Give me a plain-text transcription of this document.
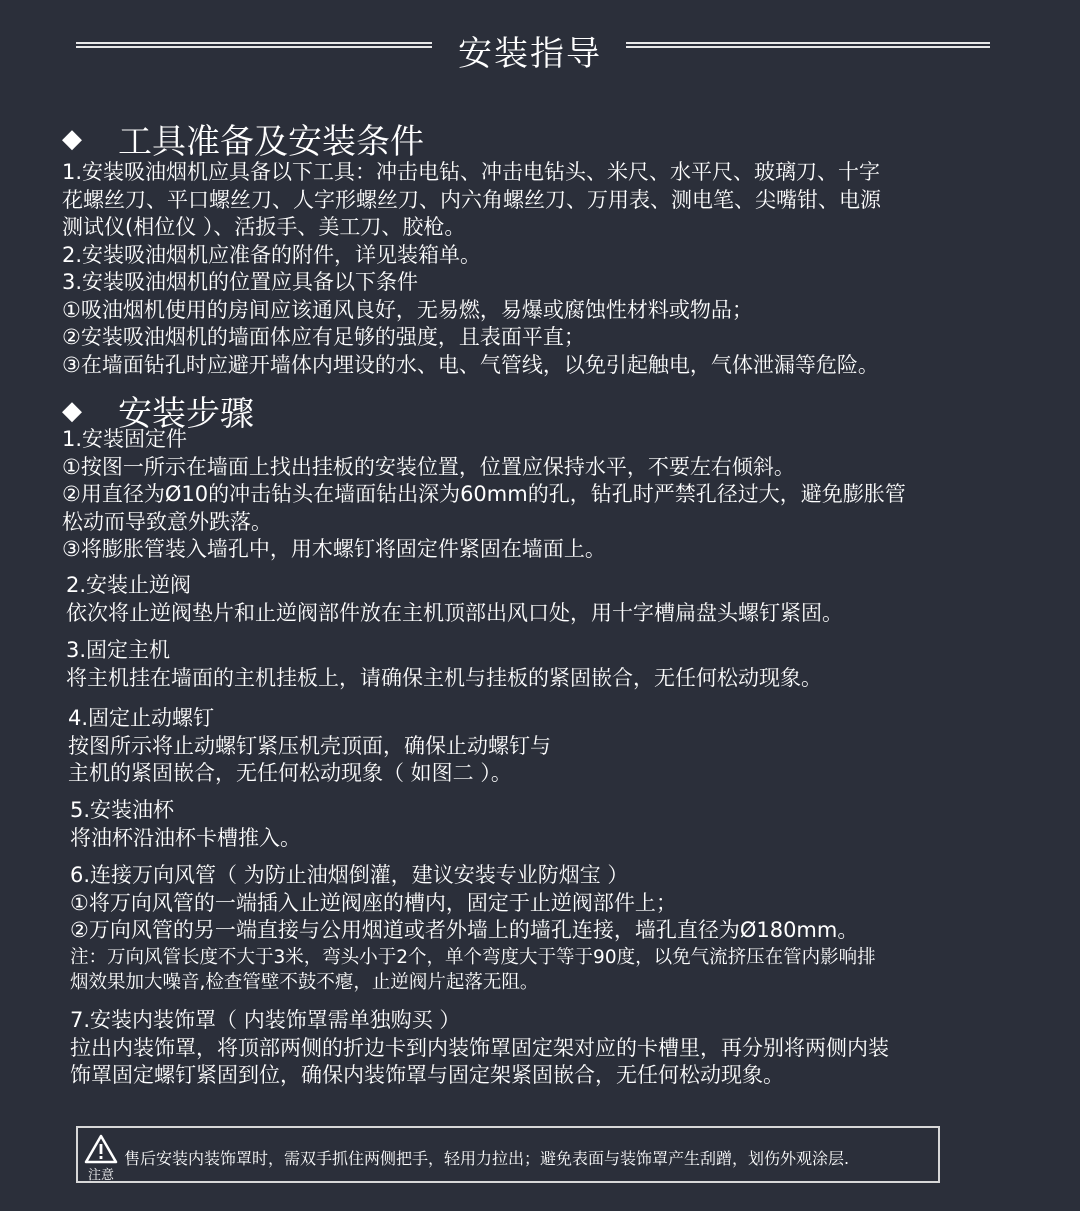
安装指导
◆	工具准备及安装条件
1.安装吸油烟机应具备以下工具：冲击电钻、冲击电钻头、米尺、水平尺、玻璃刀、十字
花螺丝刀、平口螺丝刀、人字形螺丝刀、内六角螺丝刀、万用表、测电笔、尖嘴钳、电源
测试仪(相位仪 ）、活扳手、美工刀、胶枪。
2.安装吸油烟机应准备的附件，详见装箱单。
3.安装吸油烟机的位置应具备以下条件
①吸油烟机使用的房间应该通风良好，无易燃，易爆或腐蚀性材料或物品；
②安装吸油烟机的墙面体应有足够的强度，且表面平直；
③在墙面钻孔时应避开墙体内埋设的水、电、气管线，以免引起触电，气体泄漏等危险。
◆	安装步骤
1.安装固定件
①按图一所示在墙面上找出挂板的安装位置，位置应保持水平，不要左右倾斜。
②用直径为Ø10的冲击钻头在墙面钻出深为60mm的孔，钻孔时严禁孔径过大，避免膨胀管
松动而导致意外跌落。
③将膨胀管装入墙孔中，用木螺钉将固定件紧固在墙面上。
2.安装止逆阀
依次将止逆阀垫片和止逆阀部件放在主机顶部出风口处，用十字槽扁盘头螺钉紧固。
3.固定主机
将主机挂在墙面的主机挂板上，请确保主机与挂板的紧固嵌合，无任何松动现象。
4.固定止动螺钉
按图所示将止动螺钉紧压机壳顶面，确保止动螺钉与
主机的紧固嵌合，无任何松动现象（ 如图二 ）。
5.安装油杯
将油杯沿油杯卡槽推入。
6.连接万向风管（ 为防止油烟倒灌，建议安装专业防烟宝 ）
①将万向风管的一端插入止逆阀座的槽内，固定于止逆阀部件上；
②万向风管的另一端直接与公用烟道或者外墙上的墙孔连接，墙孔直径为Ø180mm。
注：万向风管长度不大于3米，弯头小于2个，单个弯度大于等于90度，以免气流挤压在管内影响排
烟效果加大噪音,检查管壁不鼓不瘪，止逆阀片起落无阻。
7.安装内装饰罩（ 内装饰罩需单独购买 ）
拉出内装饰罩，将顶部两侧的折边卡到内装饰罩固定架对应的卡槽里，再分别将两侧内装
饰罩固定螺钉紧固到位，确保内装饰罩与固定架紧固嵌合，无任何松动现象。
注意
售后安装内装饰罩时，需双手抓住两侧把手，轻用力拉出；避免表面与装饰罩产生刮蹭，划伤外观涂层.
